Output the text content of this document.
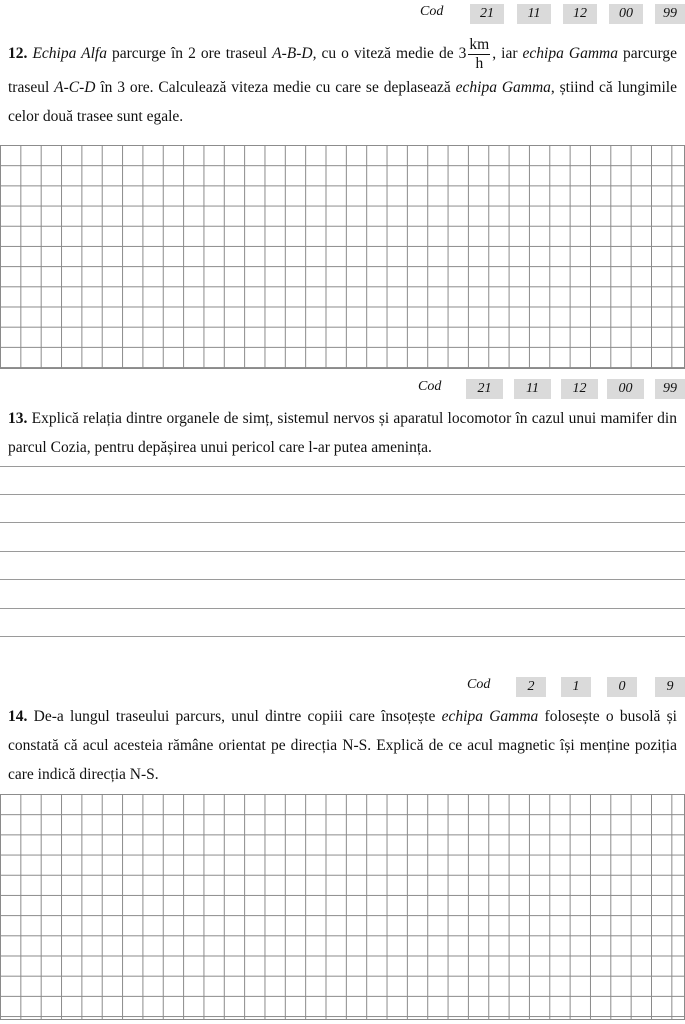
Cod	21	11	12	00	99

12. Echipa Alfa parcurge în 2 ore traseul A-B-D, cu o viteză medie de $3 \frac{km}{h}$ , iar echipa Gamma parcurge traseul A-C-D în 3 ore. Calculează viteza medie cu care se deplasează echipa Gamma, știind că lungimile celor două trasee sunt egale.

Cod	21	11	12	00	99

13. Explică relația dintre organele de simț, sistemul nervos și aparatul locomotor în cazul unui mamifer din parcul Cozia, pentru depășirea unui pericol care l-ar putea amenința.

Cod	2	1	0	9

14. De-a lungul traseului parcurs, unul dintre copiii care însoțește echipa Gamma folosește o busolă și constată că acul acesteia rămâne orientat pe direcția N-S. Explică de ce acul magnetic își menține poziția care indică direcția N-S.
